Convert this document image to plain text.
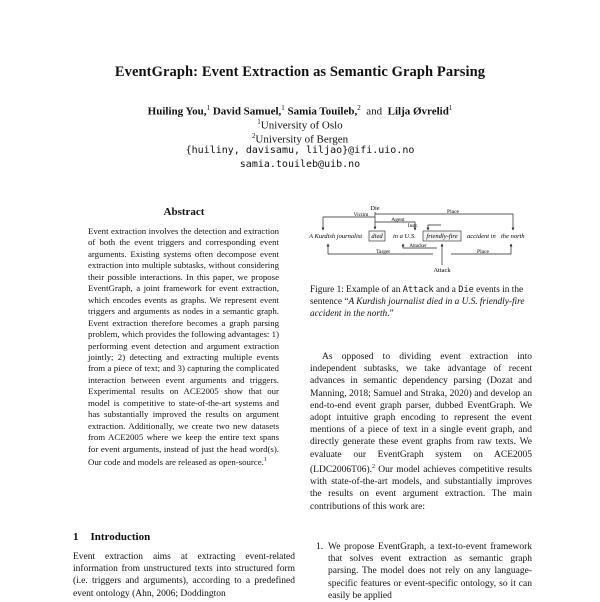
EventGraph: Event Extraction as Semantic Graph Parsing
Huiling You,$^1$ David Samuel,$^1$ Samia Touileb,$^2$ and Lilja Øvrelid$^1$
$^1$University of Oslo
$^2$University of Bergen
{huiliny, davisamu, liljao}@ifi.uio.no
samia.touileb@uib.no
Abstract
Event extraction involves the detection and extraction of both the event triggers and corresponding event arguments. Existing systems often decompose event extraction into multiple subtasks, without considering their possible interactions. In this paper, we propose EventGraph, a joint framework for event extraction, which encodes events as graphs. We represent event triggers and arguments as nodes in a semantic graph. Event extraction therefore becomes a graph parsing problem, which provides the following advantages: 1) performing event detection and argument extraction jointly; 2) detecting and extracting multiple events from a piece of text; and 3) capturing the complicated interaction between event arguments and triggers. Experimental results on ACE2005 show that our model is competitive to state-of-the-art systems and has substantially improved the results on argument extraction. Additionally, we create two new datasets from ACE2005 where we keep the entire text spans for event arguments, instead of just the head word(s). Our code and models are released as open-source.$^1$
1 Introduction
Event extraction aims at extracting event-related information from unstructured texts into structured form (i.e. triggers and arguments), according to a predefined event ontology (Ahn, 2006; Doddington
Die
Victim
Agent
Place
Instr.
A Kurdish journalist died in a U.S. friendly-fire accident in the north
Attack
Target	Place
Attacker
Figure 1: Example of an Attack and a Die events in the sentence “A Kurdish journalist died in a U.S. friendly-fire accident in the north.”
As opposed to dividing event extraction into independent subtasks, we take advantage of recent advances in semantic dependency parsing (Dozat and Manning, 2018; Samuel and Straka, 2020) and develop an end-to-end event graph parser, dubbed EventGraph. We adopt intuitive graph encoding to represent the event mentions of a piece of text in a single event graph, and directly generate these event graphs from raw texts. We evaluate our EventGraph system on ACE2005 (LDC2006T06).$^2$ Our model achieves competitive results with state-of-the-art models, and substantially improves the results on event argument extraction. The main contributions of this work are:
1. We propose EventGraph, a text-to-event framework that solves event extraction as semantic graph parsing. The model does not rely on any language-specific features or event-specific ontology, so it can easily be applied
